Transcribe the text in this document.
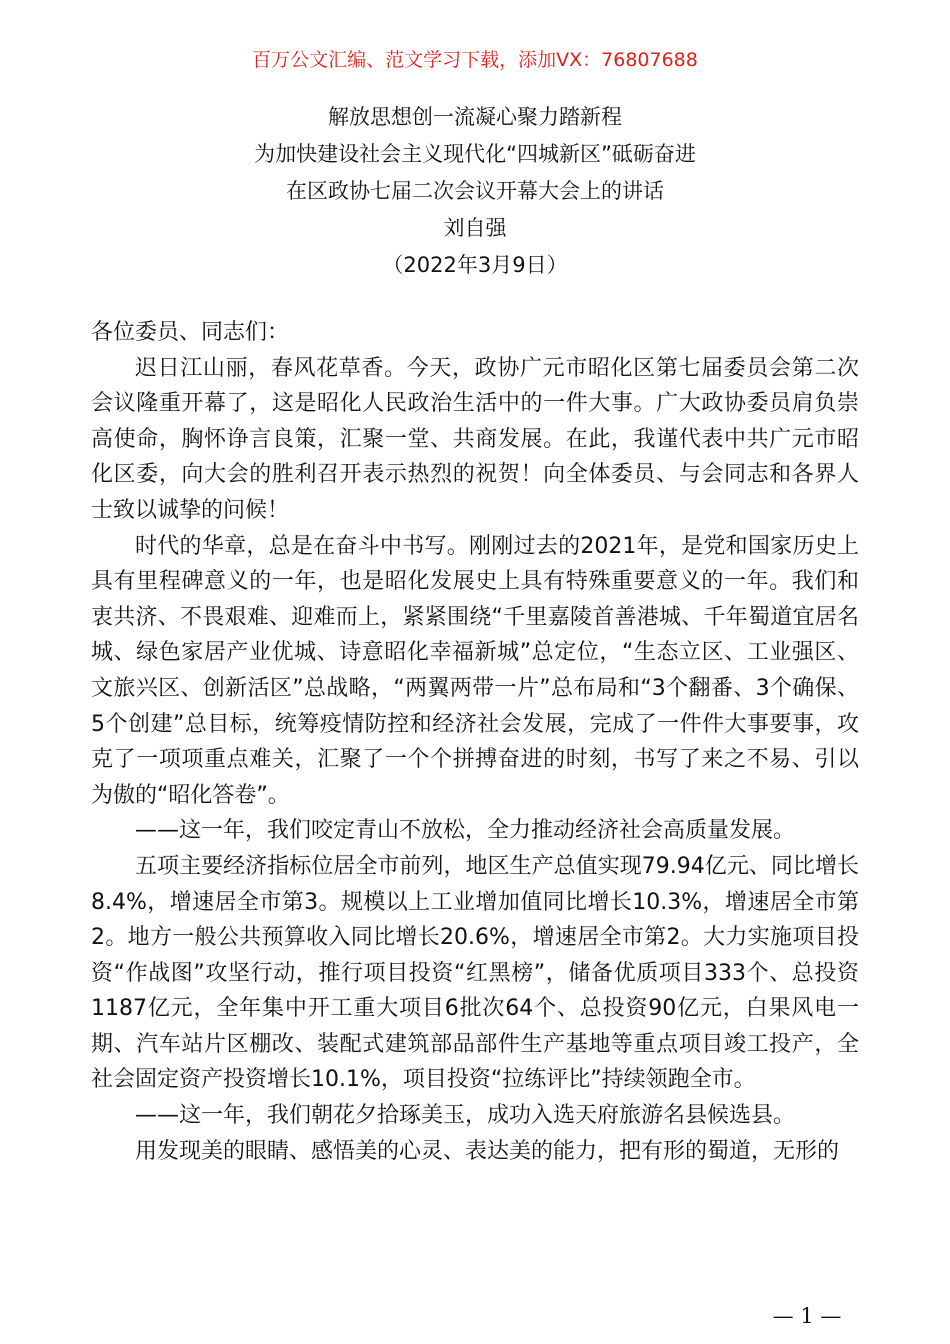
百万公文汇编、范文学习下载，添加VX：76807688

解放思想创一流凝心聚力踏新程

为加快建设社会主义现代化“四城新区”砥砺奋进

在区政协七届二次会议开幕大会上的讲话

刘自强

（2022年3月9日）

各位委员、同志们：

迟日江山丽，春风花草香。今天，政协广元市昭化区第七届委员会第二次会议隆重开幕了，这是昭化人民政治生活中的一件大事。广大政协委员肩负崇高使命，胸怀诤言良策，汇聚一堂、共商发展。在此，我谨代表中共广元市昭化区委，向大会的胜利召开表示热烈的祝贺！向全体委员、与会同志和各界人士致以诚挚的问候！

时代的华章，总是在奋斗中书写。刚刚过去的2021年，是党和国家历史上具有里程碑意义的一年，也是昭化发展史上具有特殊重要意义的一年。我们和衷共济、不畏艰难、迎难而上，紧紧围绕“千里嘉陵首善港城、千年蜀道宜居名城、绿色家居产业优城、诗意昭化幸福新城”总定位，“生态立区、工业强区、文旅兴区、创新活区”总战略，“两翼两带一片”总布局和“3个翻番、3个确保、5个创建”总目标，统筹疫情防控和经济社会发展，完成了一件件大事要事，攻克了一项项重点难关，汇聚了一个个拼搏奋进的时刻，书写了来之不易、引以为傲的“昭化答卷”。

——这一年，我们咬定青山不放松，全力推动经济社会高质量发展。

五项主要经济指标位居全市前列，地区生产总值实现79.94亿元、同比增长8.4%，增速居全市第3。规模以上工业增加值同比增长10.3%，增速居全市第2。地方一般公共预算收入同比增长20.6%，增速居全市第2。大力实施项目投资“作战图”攻坚行动，推行项目投资“红黑榜”，储备优质项目333个、总投资1187亿元，全年集中开工重大项目6批次64个、总投资90亿元，白果风电一期、汽车站片区棚改、装配式建筑部品部件生产基地等重点项目竣工投产，全社会固定资产投资增长10.1%，项目投资“拉练评比”持续领跑全市。

——这一年，我们朝花夕拾琢美玉，成功入选天府旅游名县候选县。

用发现美的眼睛、感悟美的心灵、表达美的能力，把有形的蜀道，无形的

— 1 —
